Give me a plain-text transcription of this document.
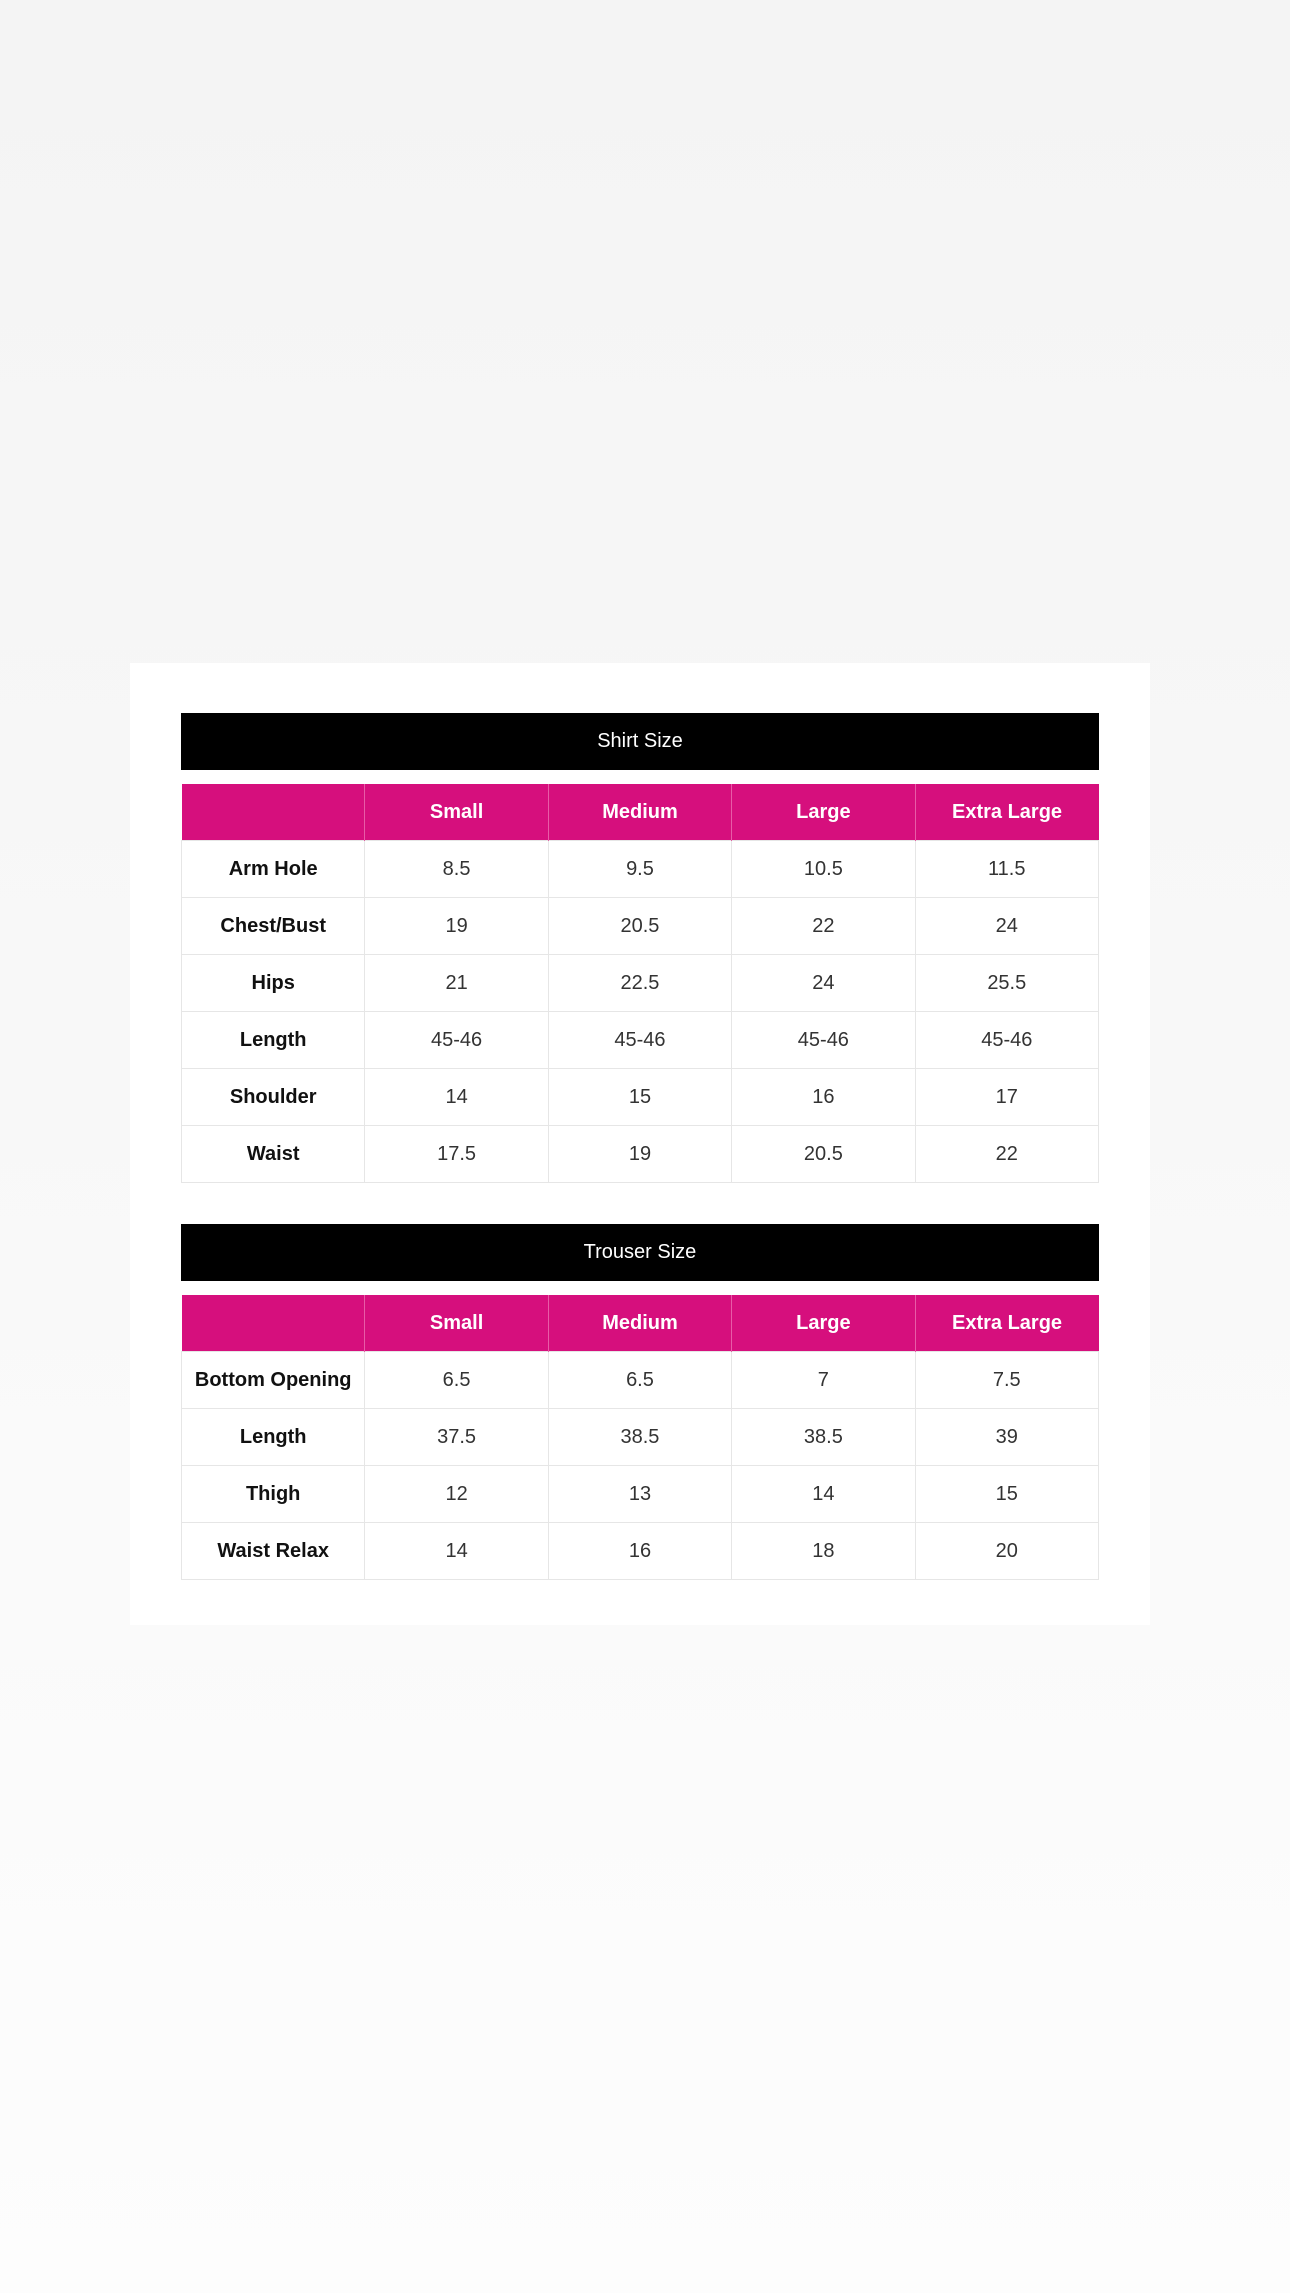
Shirt Size
	Small	Medium	Large	Extra Large
Arm Hole	8.5	9.5	10.5	11.5
Chest/Bust	19	20.5	22	24
Hips	21	22.5	24	25.5
Length	45-46	45-46	45-46	45-46
Shoulder	14	15	16	17
Waist	17.5	19	20.5	22
Trouser Size
	Small	Medium	Large	Extra Large
Bottom Opening	6.5	6.5	7	7.5
Length	37.5	38.5	38.5	39
Thigh	12	13	14	15
Waist Relax	14	16	18	20
